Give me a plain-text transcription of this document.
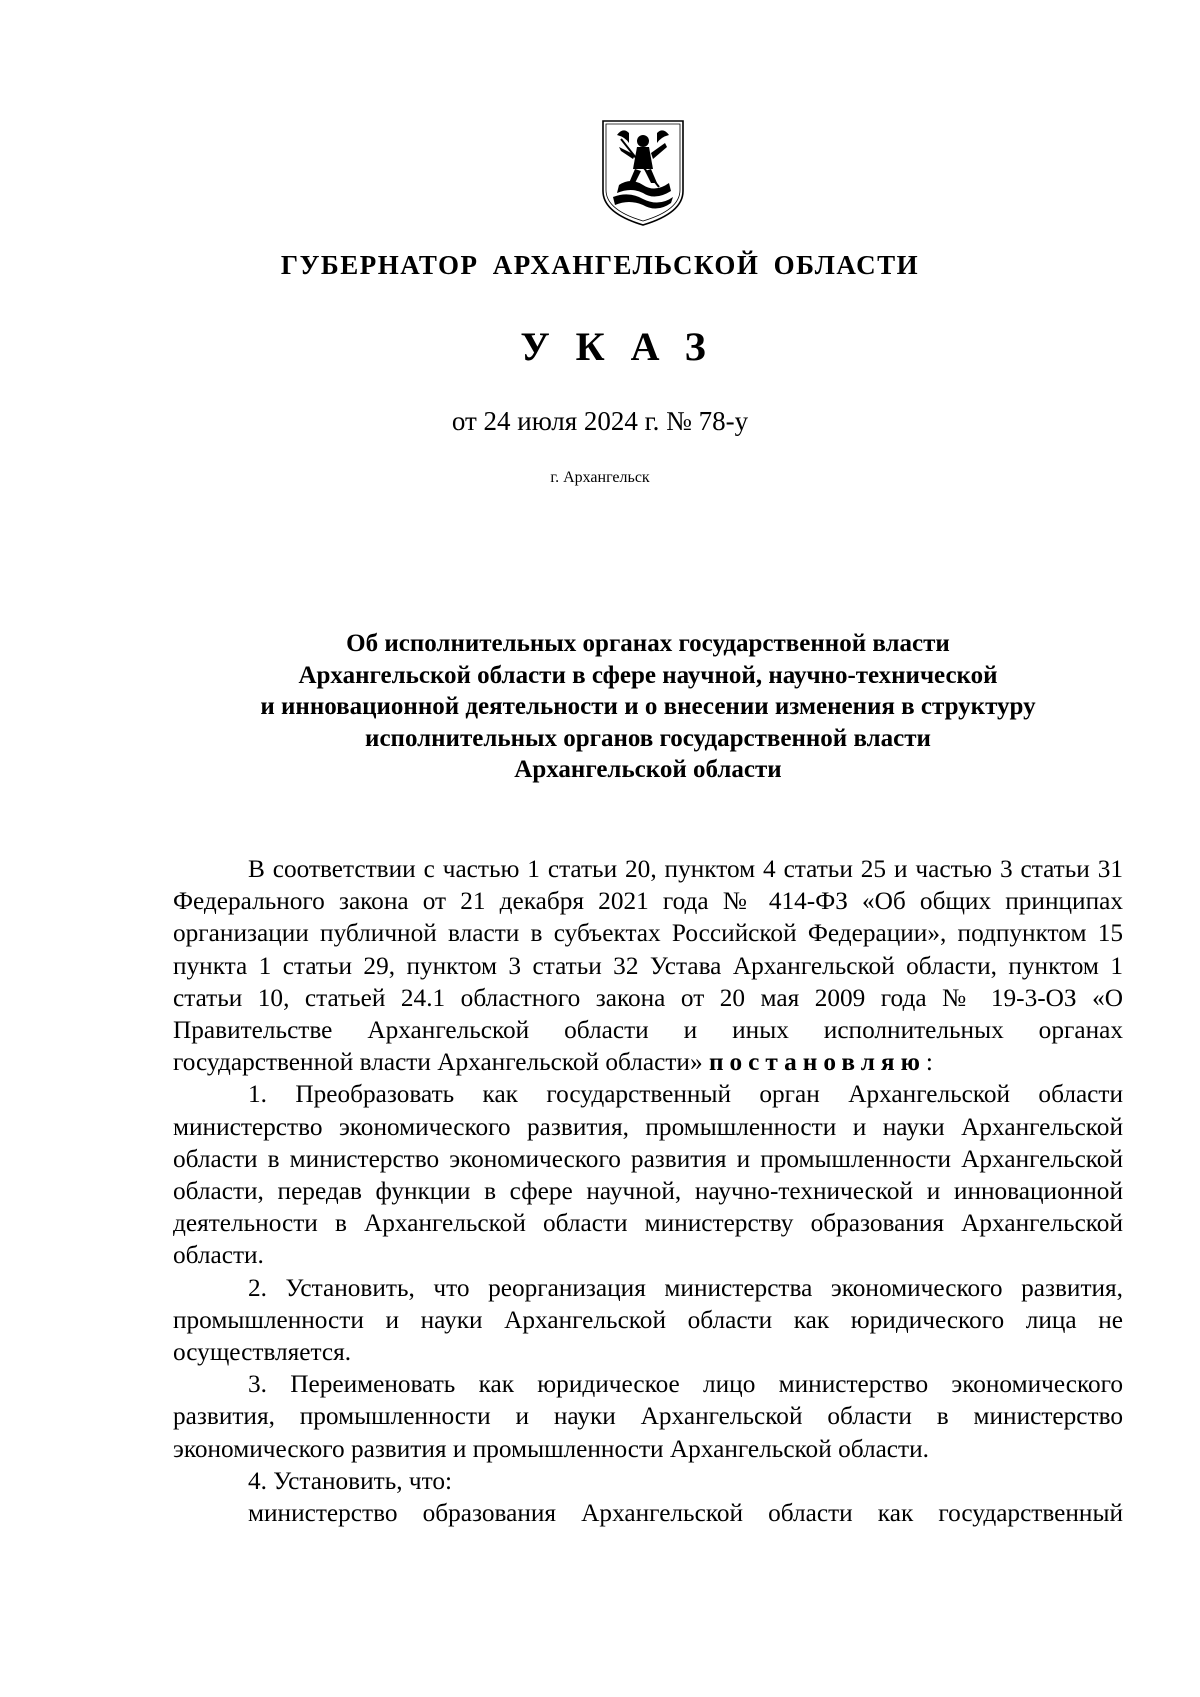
ГУБЕРНАТОР АРХАНГЕЛЬСКОЙ ОБЛАСТИ
УКАЗ
от 24 июля 2024 г. № 78-у
г. Архангельск
Об исполнительных органах государственной власти
Архангельской области в сфере научной, научно-технической
и инновационной деятельности и о внесении изменения в структуру
исполнительных органов государственной власти
Архангельской области

В соответствии с частью 1 статьи 20, пунктом 4 статьи 25 и частью 3 статьи 31 Федерального закона от 21 декабря 2021 года № 414-ФЗ «Об общих принципах организации публичной власти в субъектах Российской Федерации», подпунктом 15 пункта 1 статьи 29, пунктом 3 статьи 32 Устава Архангельской области, пунктом 1 статьи 10, статьей 24.1 областного закона от 20 мая 2009 года № 19-3-ОЗ «О Правительстве Архангельской области и иных исполнительных органах государственной власти Архангельской области» постановляю:

1. Преобразовать как государственный орган Архангельской области министерство экономического развития, промышленности и науки Архангельской области в министерство экономического развития и промышленности Архангельской области, передав функции в сфере научной, научно-технической и инновационной деятельности в Архангельской области министерству образования Архангельской области.

2. Установить, что реорганизация министерства экономического развития, промышленности и науки Архангельской области как юридического лица не осуществляется.

3. Переименовать как юридическое лицо министерство экономического развития, промышленности и науки Архангельской области в министерство экономического развития и промышленности Архангельской области.

4. Установить, что:

министерство образования Архангельской области как государственный
